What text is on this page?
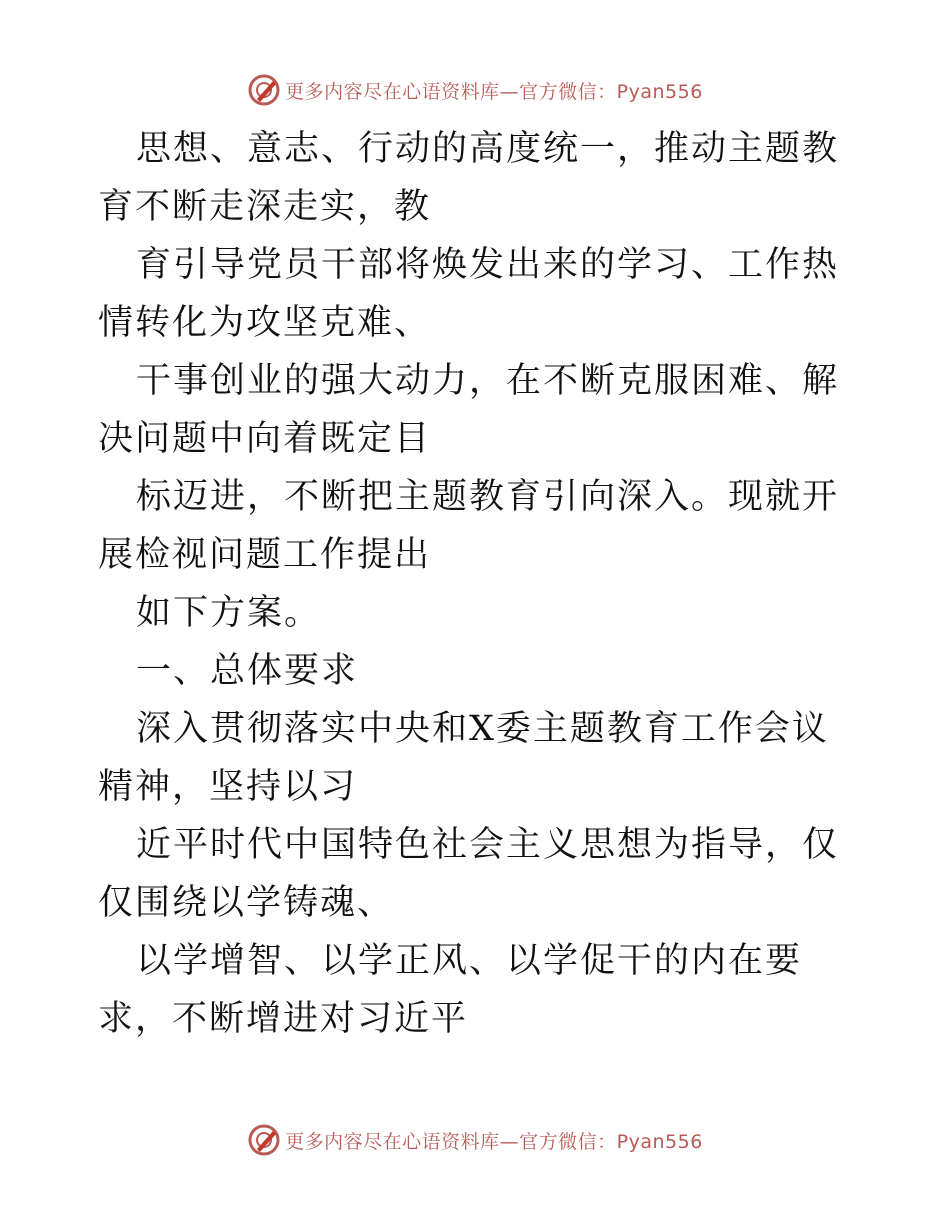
更多内容尽在心语资料库—官方微信：Pyan556

思想、意志、行动的高度统一，推动主题教育不断走深走实，教

育引导党员干部将焕发出来的学习、工作热情转化为攻坚克难、

干事创业的强大动力，在不断克服困难、解决问题中向着既定目

标迈进，不断把主题教育引向深入。现就开展检视问题工作提出

如下方案。

一、总体要求

深入贯彻落实中央和X委主题教育工作会议精神，坚持以习

近平时代中国特色社会主义思想为指导，仅仅围绕以学铸魂、

以学增智、以学正风、以学促干的内在要求，不断增进对习近平

更多内容尽在心语资料库—官方微信：Pyan556
